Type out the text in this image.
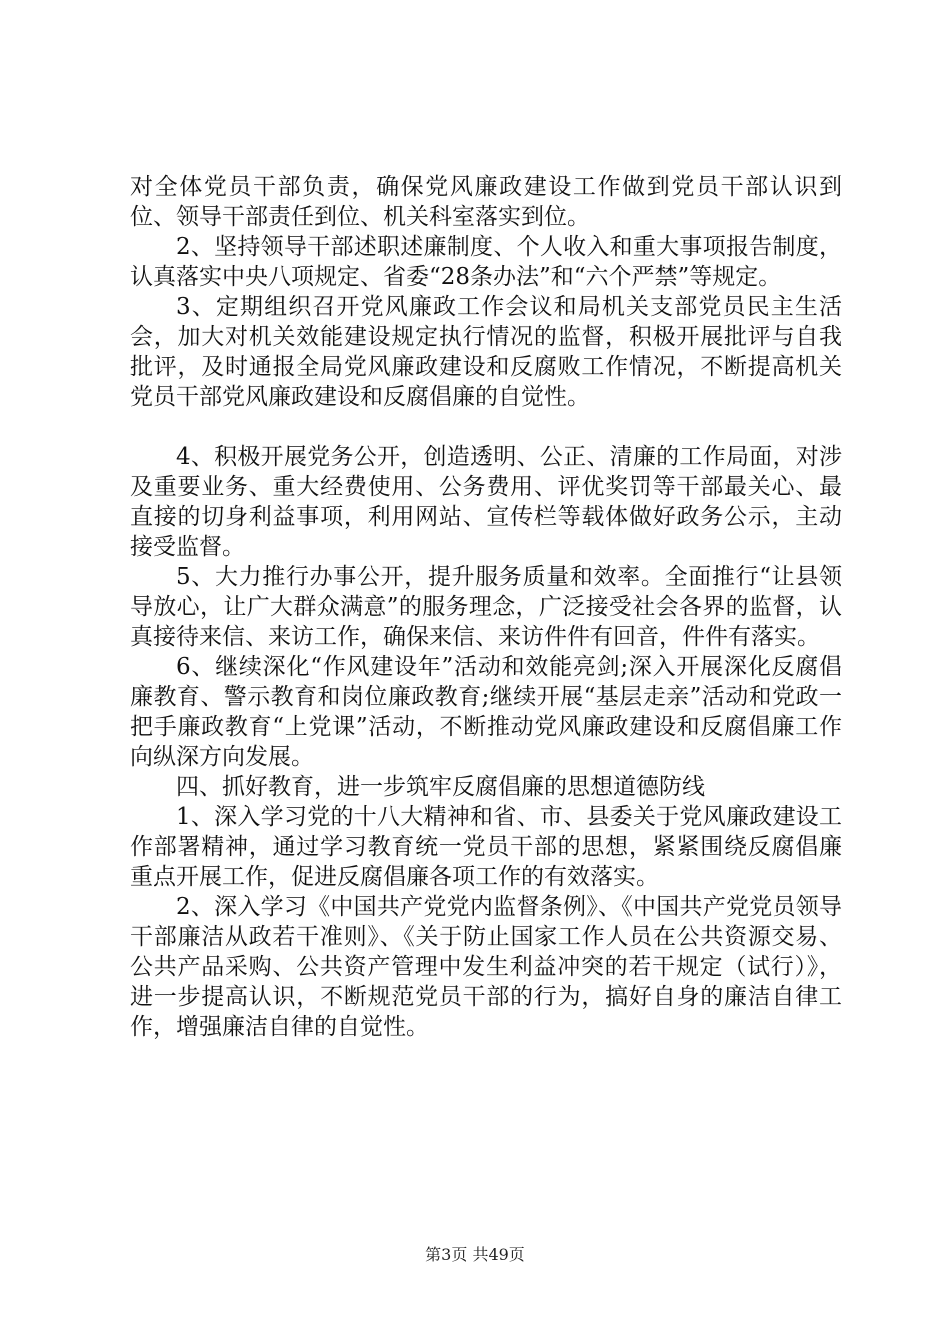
对全体党员干部负责，确保党风廉政建设工作做到党员干部认识到位、领导干部责任到位、机关科室落实到位。

2、坚持领导干部述职述廉制度、个人收入和重大事项报告制度，认真落实中央八项规定、省委“28条办法”和“六个严禁”等规定。

3、定期组织召开党风廉政工作会议和局机关支部党员民主生活会，加大对机关效能建设规定执行情况的监督，积极开展批评与自我批评，及时通报全局党风廉政建设和反腐败工作情况，不断提高机关党员干部党风廉政建设和反腐倡廉的自觉性。

4、积极开展党务公开，创造透明、公正、清廉的工作局面，对涉及重要业务、重大经费使用、公务费用、评优奖罚等干部最关心、最直接的切身利益事项，利用网站、宣传栏等载体做好政务公示，主动接受监督。

5、大力推行办事公开，提升服务质量和效率。全面推行“让县领导放心，让广大群众满意”的服务理念，广泛接受社会各界的监督，认真接待来信、来访工作，确保来信、来访件件有回音，件件有落实。

6、继续深化“作风建设年”活动和效能亮剑;深入开展深化反腐倡廉教育、警示教育和岗位廉政教育;继续开展“基层走亲”活动和党政一把手廉政教育“上党课”活动，不断推动党风廉政建设和反腐倡廉工作向纵深方向发展。

四、抓好教育，进一步筑牢反腐倡廉的思想道德防线

1、深入学习党的十八大精神和省、市、县委关于党风廉政建设工作部署精神，通过学习教育统一党员干部的思想，紧紧围绕反腐倡廉重点开展工作，促进反腐倡廉各项工作的有效落实。

2、深入学习《中国共产党党内监督条例》、《中国共产党党员领导干部廉洁从政若干准则》、《关于防止国家工作人员在公共资源交易、公共产品采购、公共资产管理中发生利益冲突的若干规定（试行）》，进一步提高认识，不断规范党员干部的行为，搞好自身的廉洁自律工作，增强廉洁自律的自觉性。

第3页 共49页
